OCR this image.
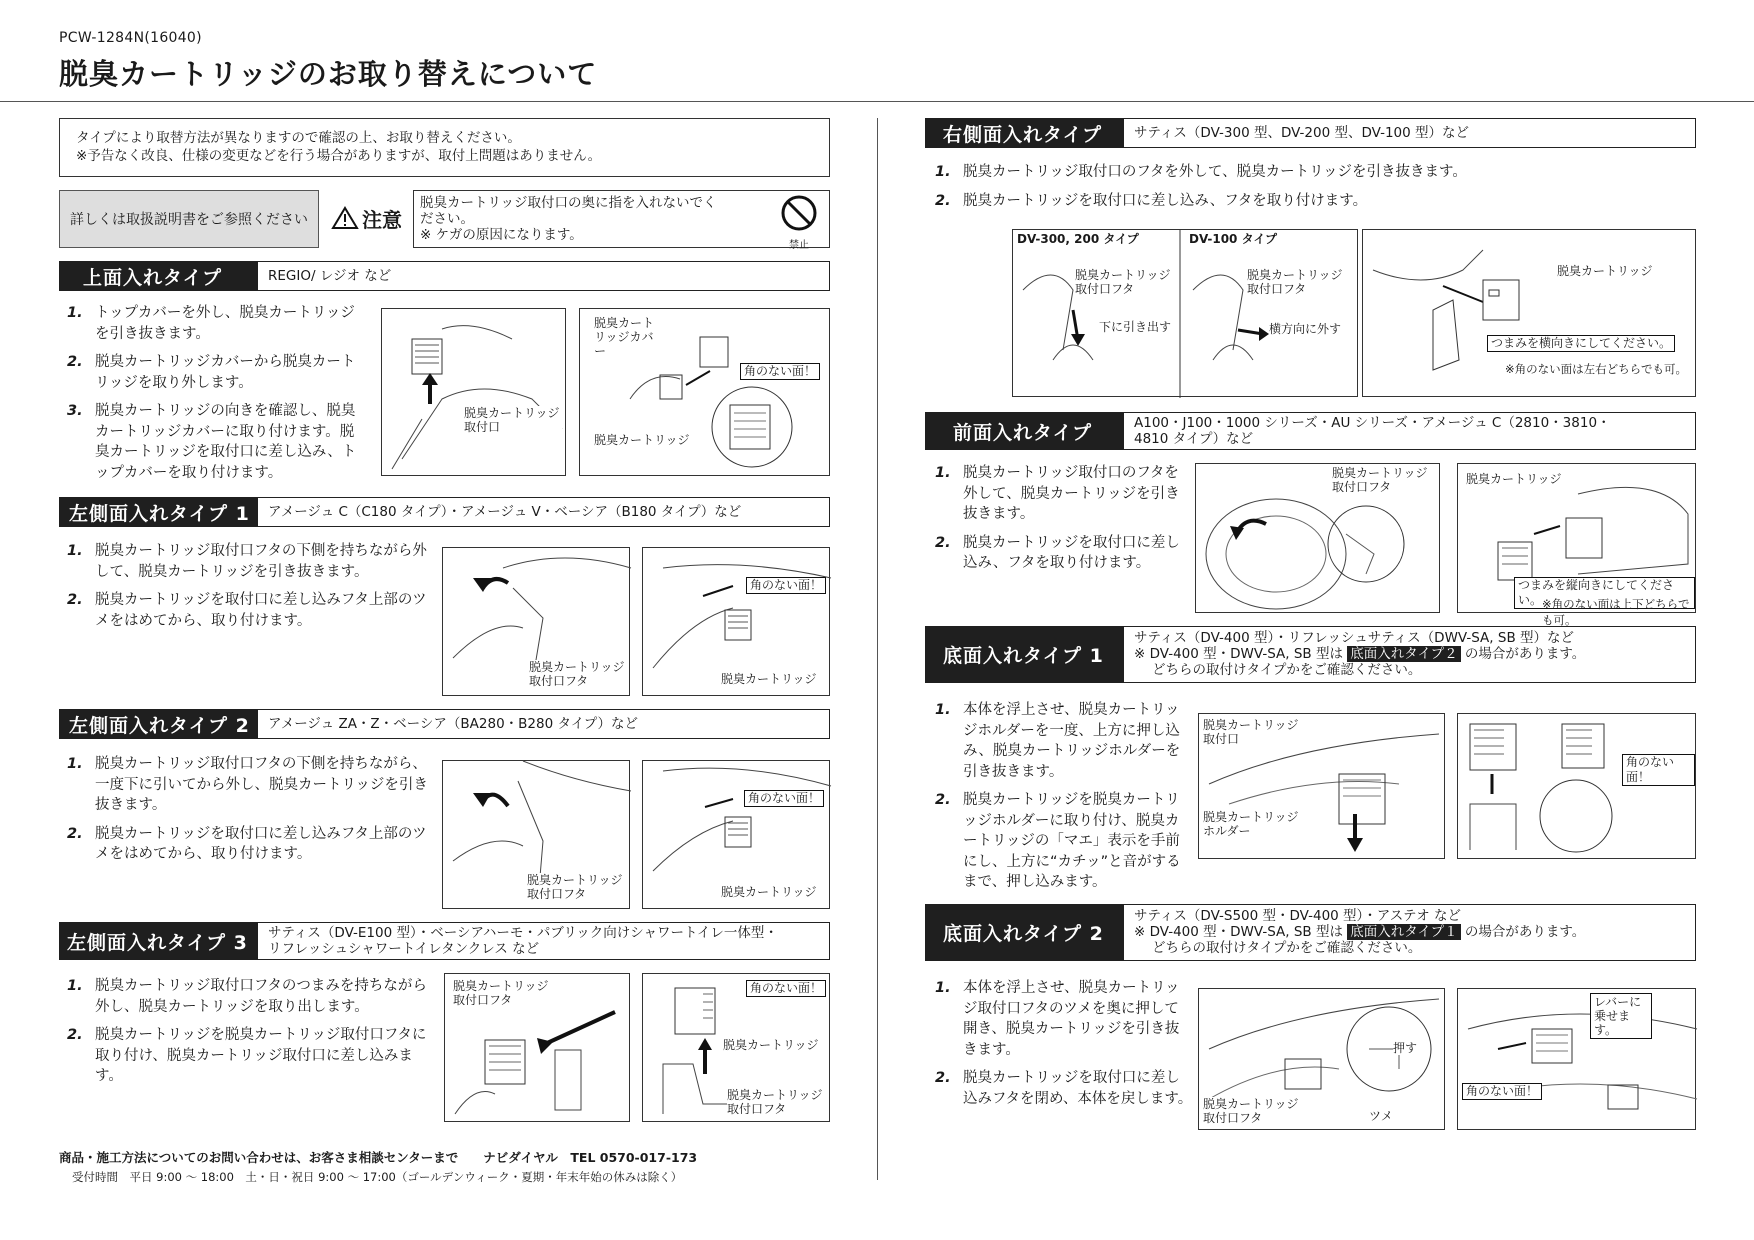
PCW-1284N(16040)
脱臭カートリッジのお取り替えについて
タイプにより取替方法が異なりますので確認の上、お取り替えください。
※予告なく改良、仕様の変更などを行う場合がありますが、取付上問題はありません。
詳しくは取扱説明書をご参照ください	注意
脱臭カートリッジ取付口の奥に指を入れないでく
ださい。
※ ケガの原因になります。
禁止
上面入れタイプ	REGIO/ レジオ など
1. トップカバーを外し、脱臭カートリッジを引き抜きます。
2. 脱臭カートリッジカバーから脱臭カートリッジを取り外します。
3. 脱臭カートリッジの向きを確認し、脱臭カートリッジカバーに取り付けます。脱臭カートリッジを取付口に差し込み、トップカバーを取り付けます。
脱臭カートリッジ取付口
脱臭カートリッジカバー
脱臭カートリッジ
角のない面！
左側面入れタイプ 1	アメージュ C（C180 タイプ）・アメージュ V・ベーシア（B180 タイプ）など
1. 脱臭カートリッジ取付口フタの下側を持ちながら外して、脱臭カートリッジを引き抜きます。
2. 脱臭カートリッジを取付口に差し込みフタ上部のツメをはめてから、取り付けます。
脱臭カートリッジ取付口フタ
角のない面！
脱臭カートリッジ
左側面入れタイプ 2	アメージュ ZA・Z・ベーシア（BA280・B280 タイプ）など
1. 脱臭カートリッジ取付口フタの下側を持ちながら、一度下に引いてから外し、脱臭カートリッジを引き抜きます。
2. 脱臭カートリッジを取付口に差し込みフタ上部のツメをはめてから、取り付けます。
脱臭カートリッジ取付口フタ
角のない面！
脱臭カートリッジ
左側面入れタイプ 3	サティス（DV-E100 型）・ベーシアハーモ・パブリック向けシャワートイレ一体型・
リフレッシュシャワートイレタンクレス など
1. 脱臭カートリッジ取付口フタのつまみを持ちながら外し、脱臭カートリッジを取り出します。
2. 脱臭カートリッジを脱臭カートリッジ取付口フタに取り付け、脱臭カートリッジ取付口に差し込みます。
脱臭カートリッジ取付口フタ
角のない面！
脱臭カートリッジ
脱臭カートリッジ取付口フタ
商品・施工方法についてのお問い合わせは、お客さま相談センターまで　　ナビダイヤル　TEL 0570-017-173
受付時間　平日 9:00 ～ 18:00　土・日・祝日 9:00 ～ 17:00（ゴールデンウィーク・夏期・年末年始の休みは除く）
右側面入れタイプ	サティス（DV-300 型、DV-200 型、DV-100 型）など
1. 脱臭カートリッジ取付口のフタを外して、脱臭カートリッジを引き抜きます。
2. 脱臭カートリッジを取付口に差し込み、フタを取り付けます。
DV-300, 200 タイプ	DV-100 タイプ
脱臭カートリッジ取付口フタ
脱臭カートリッジ取付口フタ
下に引き出す	横方向に外す
脱臭カートリッジ
つまみを横向きにしてください。
※角のない面は左右どちらでも可。
前面入れタイプ	A100・J100・1000 シリーズ・AU シリーズ・アメージュ C（2810・3810・
4810 タイプ）など
1. 脱臭カートリッジ取付口のフタを外して、脱臭カートリッジを引き抜きます。
2. 脱臭カートリッジを取付口に差し込み、フタを取り付けます。
脱臭カートリッジ取付口フタ
脱臭カートリッジ
つまみを縦向きにしてください。 ※角のない面は上下どちらでも可。
底面入れタイプ 1
サティス（DV-400 型）・リフレッシュサティス（DWV-SA, SB 型）など
※ DV-400 型・DWV-SA, SB 型は 底面入れタイプ２ の場合があります。
どちらの取付けタイプかをご確認ください。
1. 本体を浮上させ、脱臭カートリッジホルダーを一度、上方に押し込み、脱臭カートリッジホルダーを引き抜きます。
2. 脱臭カートリッジを脱臭カートリッジホルダーに取り付け、脱臭カートリッジの「マエ」表示を手前にし、上方に“カチッ”と音がするまで、押し込みます。
脱臭カートリッジ取付口
脱臭カートリッジホルダー
角のない面！
底面入れタイプ 2
サティス（DV-S500 型・DV-400 型）・アステオ など
※ DV-400 型・DWV-SA, SB 型は 底面入れタイプ１ の場合があります。
どちらの取付けタイプかをご確認ください。
1. 本体を浮上させ、脱臭カートリッジ取付口フタのツメを奥に押して開き、脱臭カートリッジを引き抜きます。
2. 脱臭カートリッジを取付口に差し込みフタを閉め、本体を戻します。
押す
脱臭カートリッジ取付口フタ	ツメ
レバーに乗せます。
角のない面！
